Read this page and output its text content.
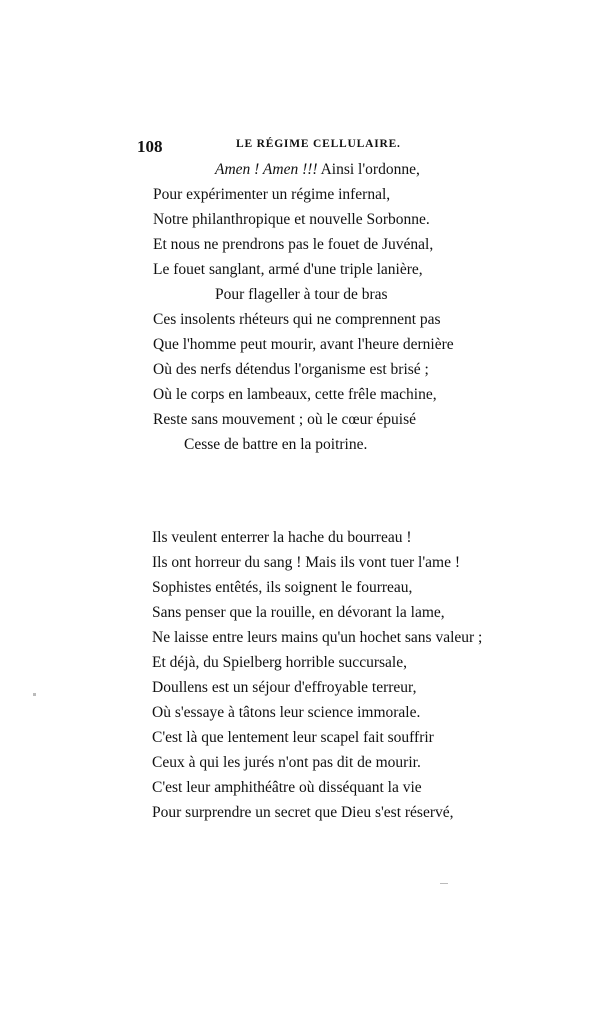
108	LE RÉGIME CELLULAIRE.
Amen ! Amen !!! Ainsi l'ordonne,
Pour expérimenter un régime infernal,
Notre philanthropique et nouvelle Sorbonne.
Et nous ne prendrons pas le fouet de Juvénal,
Le fouet sanglant, armé d'une triple lanière,
Pour flageller à tour de bras
Ces insolents rhéteurs qui ne comprennent pas
Que l'homme peut mourir, avant l'heure dernière
Où des nerfs détendus l'organisme est brisé ;
Où le corps en lambeaux, cette frêle machine,
Reste sans mouvement ; où le cœur épuisé
Cesse de battre en la poitrine.
Ils veulent enterrer la hache du bourreau !
Ils ont horreur du sang ! Mais ils vont tuer l'ame !
Sophistes entêtés, ils soignent le fourreau,
Sans penser que la rouille, en dévorant la lame,
Ne laisse entre leurs mains qu'un hochet sans valeur ;
Et déjà, du Spielberg horrible succursale,
Doullens est un séjour d'effroyable terreur,
Où s'essaye à tâtons leur science immorale.
C'est là que lentement leur scapel fait souffrir
Ceux à qui les jurés n'ont pas dit de mourir.
C'est leur amphithéâtre où disséquant la vie
Pour surprendre un secret que Dieu s'est réservé,
